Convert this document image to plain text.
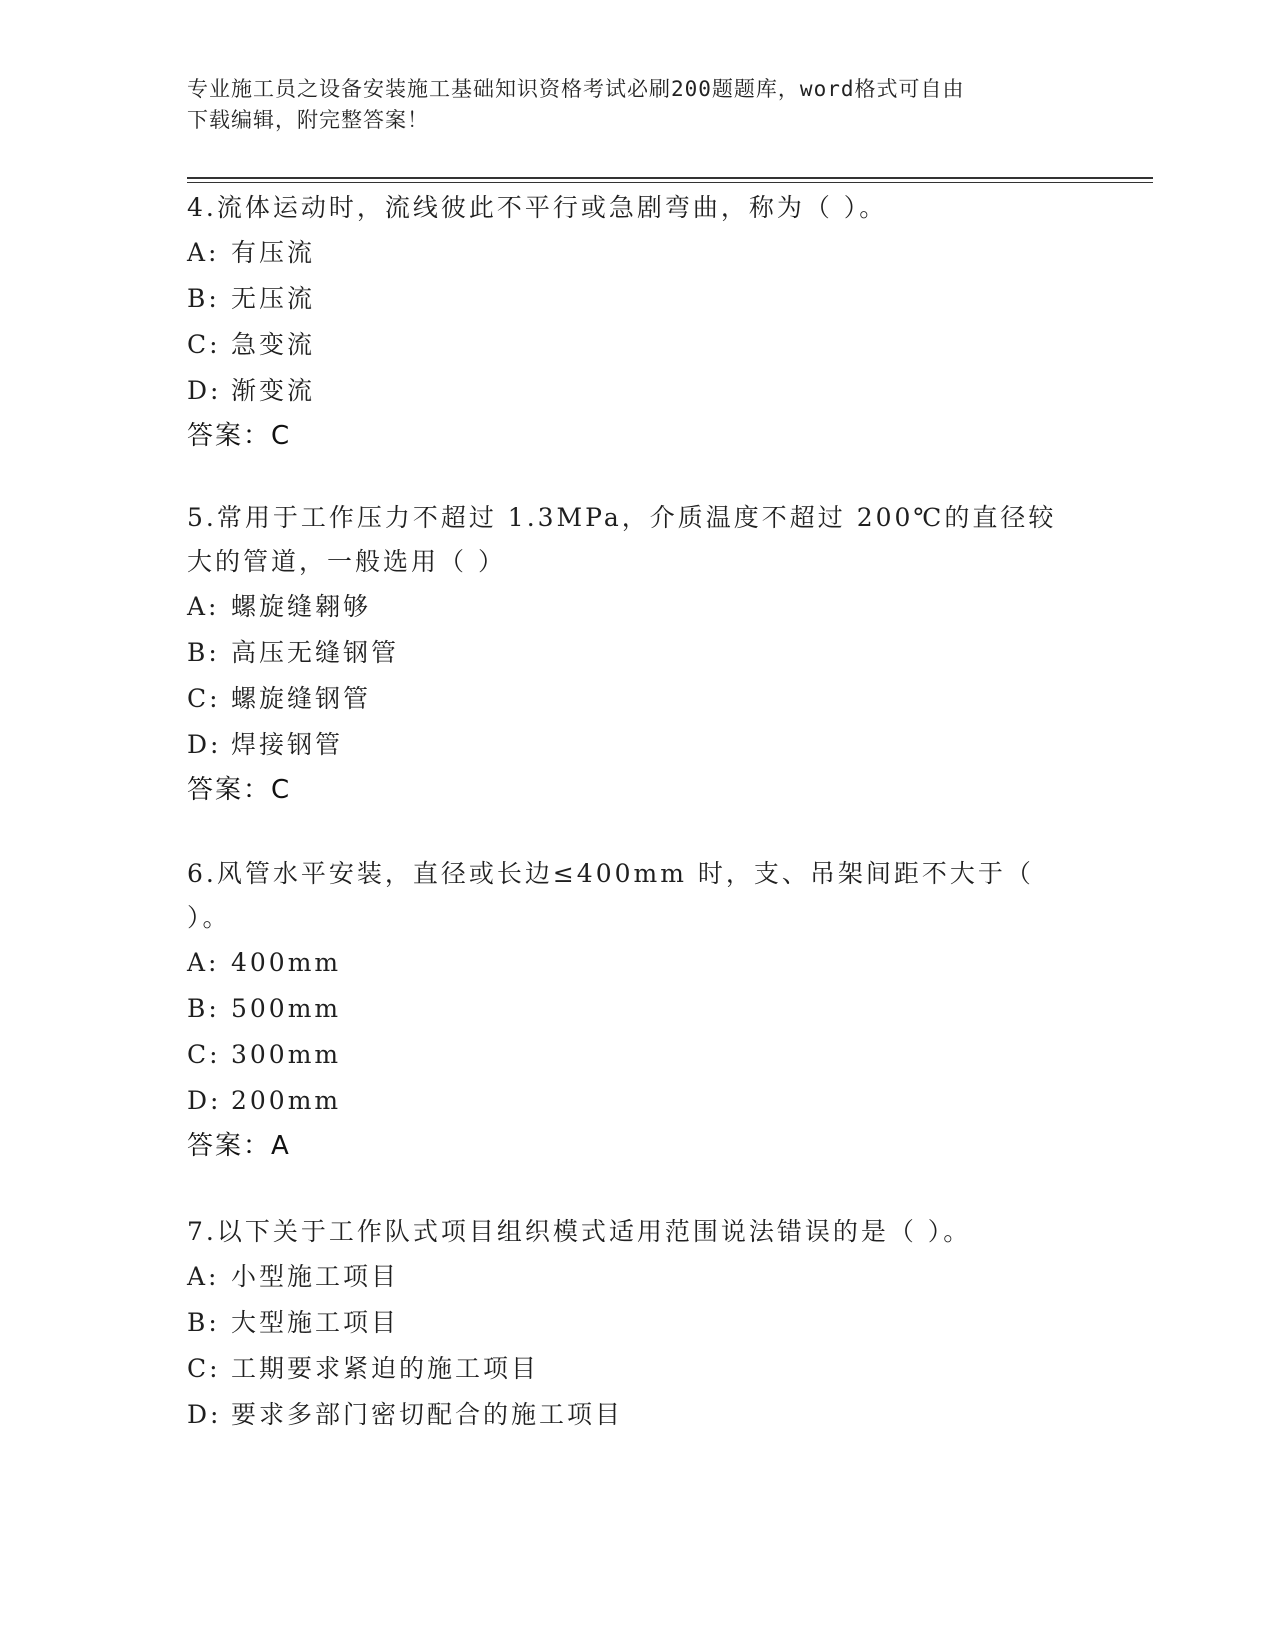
专业施工员之设备安装施工基础知识资格考试必刷200题题库，word格式可自由
下载编辑，附完整答案！
4.流体运动时，流线彼此不平行或急剧弯曲，称为（ ）。
A: 有压流
B: 无压流
C: 急变流
D: 渐变流
答案：C
5.常用于工作压力不超过 1.3MPa，介质温度不超过 200℃的直径较大的管道，一般选用（ ）
A: 螺旋缝翱够
B: 高压无缝钢管
C: 螺旋缝钢管
D: 焊接钢管
答案：C
6.风管水平安装，直径或长边≤400mm 时，支、吊架间距不大于（ ）。
A: 400mm
B: 500mm
C: 300mm
D: 200mm
答案：A
7.以下关于工作队式项目组织模式适用范围说法错误的是（ ）。
A: 小型施工项目
B: 大型施工项目
C: 工期要求紧迫的施工项目
D: 要求多部门密切配合的施工项目
